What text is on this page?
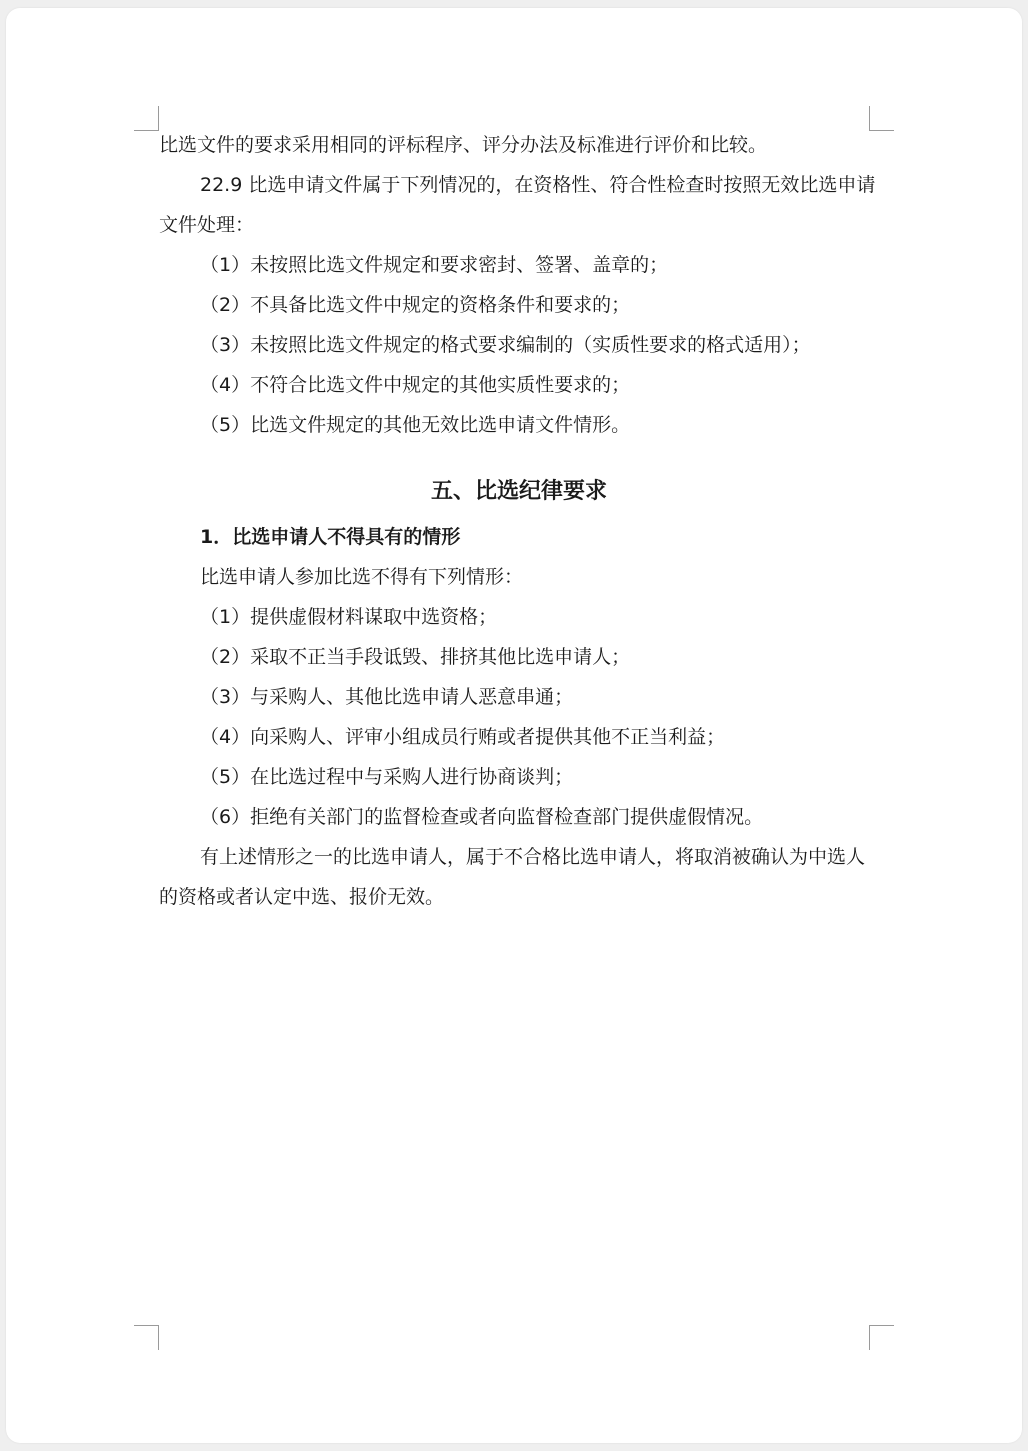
比选文件的要求采用相同的评标程序、评分办法及标准进行评价和比较。

22.9 比选申请文件属于下列情况的，在资格性、符合性检查时按照无效比选申请文件处理：

（1）未按照比选文件规定和要求密封、签署、盖章的；

（2）不具备比选文件中规定的资格条件和要求的；

（3）未按照比选文件规定的格式要求编制的（实质性要求的格式适用）；

（4）不符合比选文件中规定的其他实质性要求的；

（5）比选文件规定的其他无效比选申请文件情形。

五、比选纪律要求

1．比选申请人不得具有的情形

比选申请人参加比选不得有下列情形：

（1）提供虚假材料谋取中选资格；

（2）采取不正当手段诋毁、排挤其他比选申请人；

（3）与采购人、其他比选申请人恶意串通；

（4）向采购人、评审小组成员行贿或者提供其他不正当利益；

（5）在比选过程中与采购人进行协商谈判；

（6）拒绝有关部门的监督检查或者向监督检查部门提供虚假情况。

有上述情形之一的比选申请人，属于不合格比选申请人，将取消被确认为中选人的资格或者认定中选、报价无效。
